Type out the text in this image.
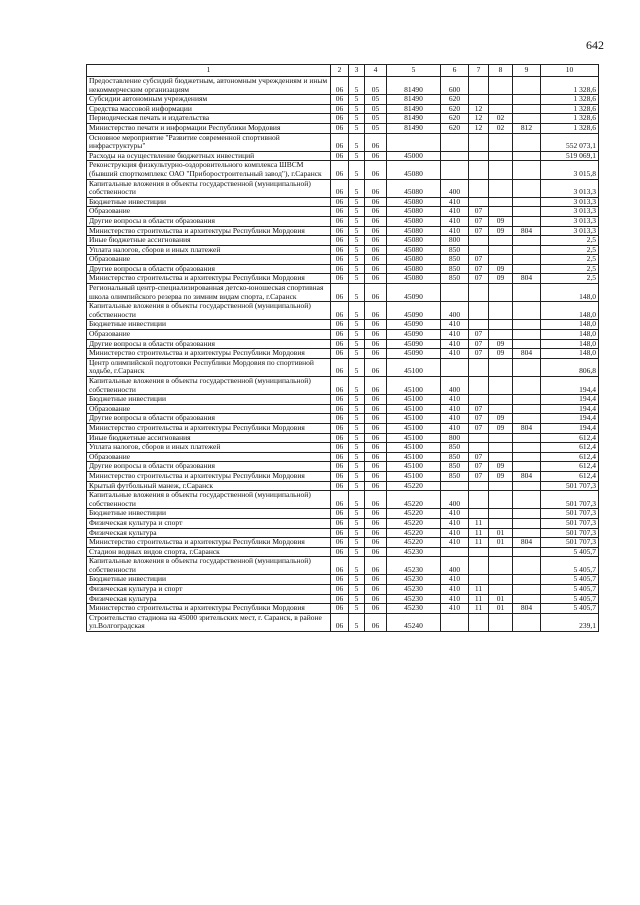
642
1	2	3	4	5	6	7	8	9	10
Предоставление субсидий бюджетным, автономным учреждениям и иным некоммерческим организациям	06	5	05	81490	600				1 328,6
Субсидии автономным учреждениям	06	5	05	81490	620				1 328,6
Средства массовой информации	06	5	05	81490	620	12			1 328,6
Периодическая печать и издательства	06	5	05	81490	620	12	02		1 328,6
Министерство печати и информации Республики Мордовия	06	5	05	81490	620	12	02	812	1 328,6
Основное мероприятие "Развитие современной спортивной инфраструктуры"	06	5	06						552 073,1
Расходы на осуществление бюджетных инвестиций	06	5	06	45000					519 069,1
Реконструкция физкультурно-оздоровительного комплекса ШВСМ (бывший спорткомплекс ОАО "Приборостроительный завод"), г.Саранск	06	5	06	45080					3 015,8
Капитальные вложения в объекты государственной (муниципальной) собственности	06	5	06	45080	400				3 013,3
Бюджетные инвестиции	06	5	06	45080	410				3 013,3
Образование	06	5	06	45080	410	07			3 013,3
Другие вопросы в области образования	06	5	06	45080	410	07	09		3 013,3
Министерство строительства и архитектуры Республики Мордовия	06	5	06	45080	410	07	09	804	3 013,3
Иные бюджетные ассигнования	06	5	06	45080	800				2,5
Уплата налогов, сборов и иных платежей	06	5	06	45080	850				2,5
Образование	06	5	06	45080	850	07			2,5
Другие вопросы в области образования	06	5	06	45080	850	07	09		2,5
Министерство строительства и архитектуры Республики Мордовия	06	5	06	45080	850	07	09	804	2,5
Региональный центр-специализированная детско-юношеская спортивная школа олимпийского резерва по зимним видам спорта, г.Саранск	06	5	06	45090					148,0
Капитальные вложения в объекты государственной (муниципальной) собственности	06	5	06	45090	400				148,0
Бюджетные инвестиции	06	5	06	45090	410				148,0
Образование	06	5	06	45090	410	07			148,0
Другие вопросы в области образования	06	5	06	45090	410	07	09		148,0
Министерство строительства и архитектуры Республики Мордовия	06	5	06	45090	410	07	09	804	148,0
Центр олимпийской подготовки Республики Мордовия по спортивной ходьбе, г.Саранск	06	5	06	45100					806,8
Капитальные вложения в объекты государственной (муниципальной) собственности	06	5	06	45100	400				194,4
Бюджетные инвестиции	06	5	06	45100	410				194,4
Образование	06	5	06	45100	410	07			194,4
Другие вопросы в области образования	06	5	06	45100	410	07	09		194,4
Министерство строительства и архитектуры Республики Мордовия	06	5	06	45100	410	07	09	804	194,4
Иные бюджетные ассигнования	06	5	06	45100	800				612,4
Уплата налогов, сборов и иных платежей	06	5	06	45100	850				612,4
Образование	06	5	06	45100	850	07			612,4
Другие вопросы в области образования	06	5	06	45100	850	07	09		612,4
Министерство строительства и архитектуры Республики Мордовия	06	5	06	45100	850	07	09	804	612,4
Крытый футбольный манеж, г.Саранск	06	5	06	45220					501 707,3
Капитальные вложения в объекты государственной (муниципальной) собственности	06	5	06	45220	400				501 707,3
Бюджетные инвестиции	06	5	06	45220	410				501 707,3
Физическая культура и спорт	06	5	06	45220	410	11			501 707,3
Физическая культура	06	5	06	45220	410	11	01		501 707,3
Министерство строительства и архитектуры Республики Мордовия	06	5	06	45220	410	11	01	804	501 707,3
Стадион водных видов спорта, г.Саранск	06	5	06	45230					5 405,7
Капитальные вложения в объекты государственной (муниципальной) собственности	06	5	06	45230	400				5 405,7
Бюджетные инвестиции	06	5	06	45230	410				5 405,7
Физическая культура и спорт	06	5	06	45230	410	11			5 405,7
Физическая культура	06	5	06	45230	410	11	01		5 405,7
Министерство строительства и архитектуры Республики Мордовия	06	5	06	45230	410	11	01	804	5 405,7
Строительство стадиона на 45000 зрительских мест, г. Саранск, в районе ул.Волгоградская	06	5	06	45240					239,1
